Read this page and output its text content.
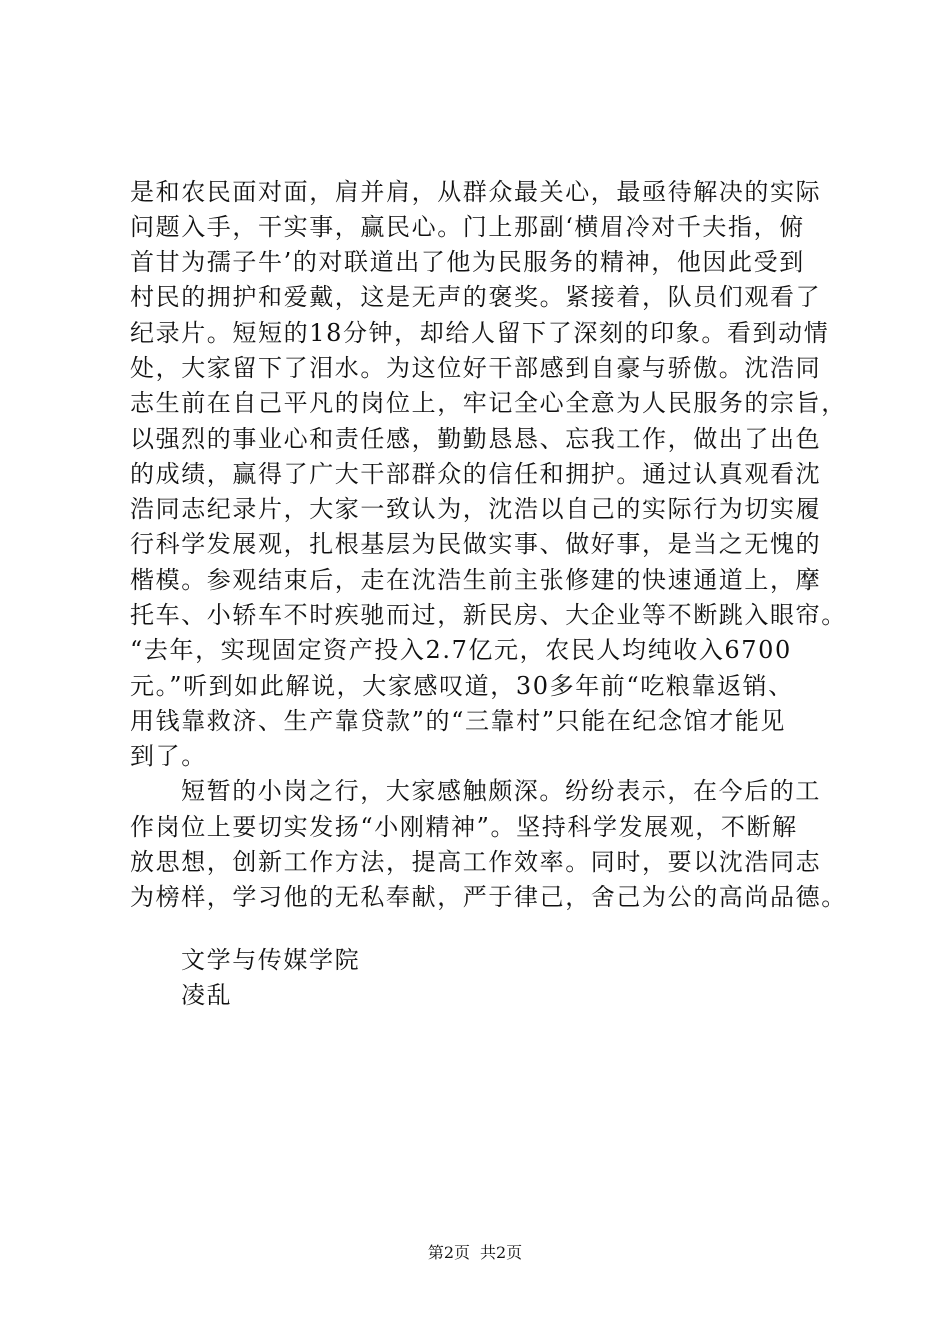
是和农民面对面，肩并肩，从群众最关心，最亟待解决的实际
问题入手，干实事，赢民心。门上那副‘横眉冷对千夫指，俯
首甘为孺子牛’的对联道出了他为民服务的精神，他因此受到
村民的拥护和爱戴，这是无声的褒奖。紧接着，队员们观看了
纪录片。短短的18分钟，却给人留下了深刻的印象。看到动情
处，大家留下了泪水。为这位好干部感到自豪与骄傲。沈浩同
志生前在自己平凡的岗位上，牢记全心全意为人民服务的宗旨，
以强烈的事业心和责任感，勤勤恳恳、忘我工作，做出了出色
的成绩，赢得了广大干部群众的信任和拥护。通过认真观看沈
浩同志纪录片，大家一致认为，沈浩以自己的实际行为切实履
行科学发展观，扎根基层为民做实事、做好事，是当之无愧的
楷模。参观结束后，走在沈浩生前主张修建的快速通道上，摩
托车、小轿车不时疾驰而过，新民房、大企业等不断跳入眼帘。
“去年，实现固定资产投入2.7亿元，农民人均纯收入6700
元。”听到如此解说，大家感叹道，30多年前“吃粮靠返销、
用钱靠救济、生产靠贷款”的“三靠村”只能在纪念馆才能见
到了。
短暂的小岗之行，大家感触颇深。纷纷表示，在今后的工
作岗位上要切实发扬“小刚精神”。坚持科学发展观，不断解
放思想，创新工作方法，提高工作效率。同时，要以沈浩同志
为榜样，学习他的无私奉献，严于律己，舍己为公的高尚品德。
文学与传媒学院
凌乱
第2页 共2页
